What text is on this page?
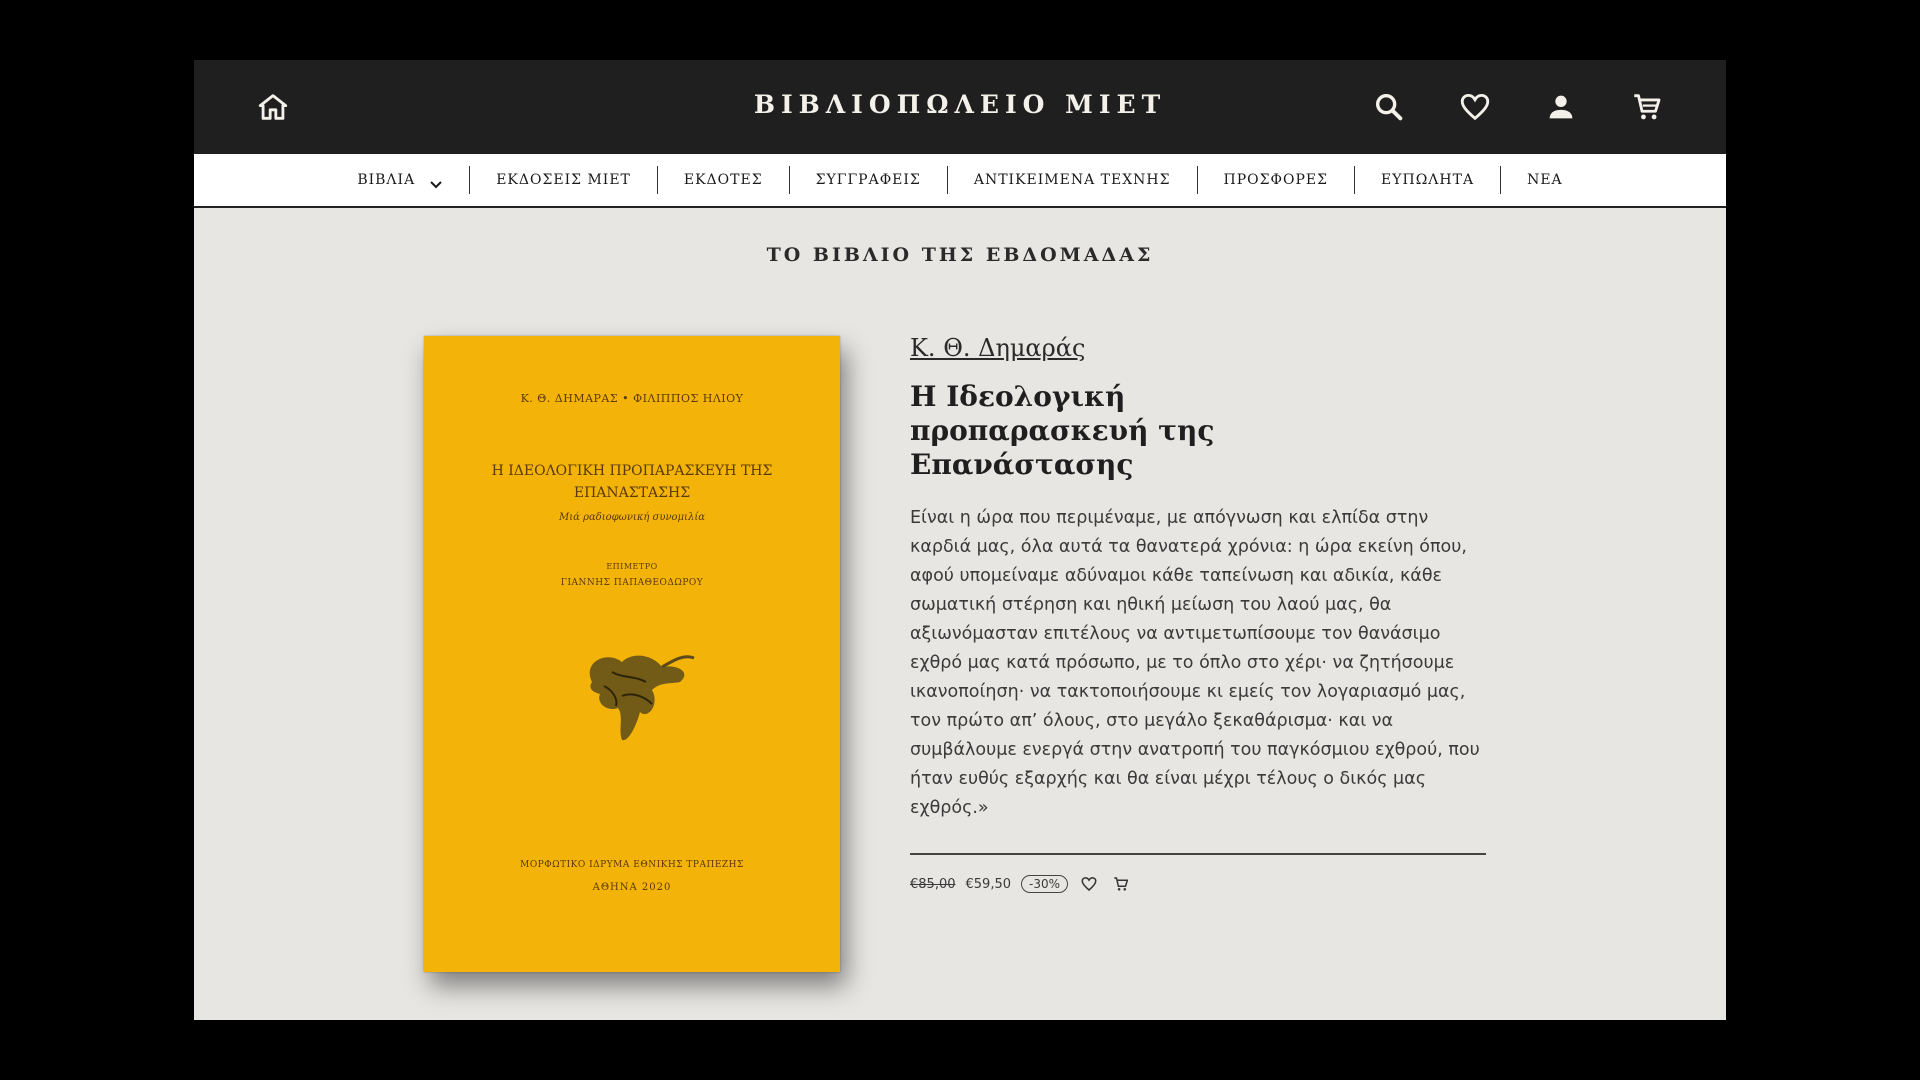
ΒΙΒΛΙΟΠΩΛΕΙΟ ΜΙΕΤ
ΒΙΒΛΙΑ	ΕΚΔΟΣΕΙΣ ΜΙΕΤ	ΕΚΔΟΤΕΣ	ΣΥΓΓΡΑΦΕΙΣ	ΑΝΤΙΚΕΙΜΕΝΑ ΤΕΧΝΗΣ	ΠΡΟΣΦΟΡΕΣ	ΕΥΠΩΛΗΤΑ	ΝΕΑ
ΤΟ ΒΙΒΛΙΟ ΤΗΣ ΕΒΔΟΜΑΔΑΣ
Κ. Θ. ΔΗΜΑΡΑΣ • ΦΙΛΙΠΠΟΣ ΗΛΙΟΥ
Η ΙΔΕΟΛΟΓΙΚΗ ΠΡΟΠΑΡΑΣΚΕΥΗ ΤΗΣ ΕΠΑΝΑΣΤΑΣΗΣ
Μιά ραδιοφωνική συνομιλία
ΕΠΙΜΕΤΡΟ
ΓΙΑΝΝΗΣ ΠΑΠΑΘΕΟΔΩΡΟΥ
ΜΟΡΦΩΤΙΚΟ ΙΔΡΥΜΑ ΕΘΝΙΚΗΣ ΤΡΑΠΕΖΗΣ
ΑΘΗΝΑ 2020
Κ. Θ. Δημαράς
Η Ιδεολογική προπαρασκευή της Επανάστασης
Είναι η ώρα που περιμέναμε, με απόγνωση και ελπίδα στην καρδιά μας, όλα αυτά τα θανατερά χρόνια: η ώρα εκείνη όπου, αφού υπομείναμε αδύναμοι κάθε ταπείνωση και αδικία, κάθε σωματική στέρηση και ηθική μείωση του λαού μας, θα αξιωνόμασταν επιτέλους να αντιμετωπίσουμε τον θανάσιμο εχθρό μας κατά πρόσωπο, με το όπλο στο χέρι· να ζητήσουμε ικανοποίηση· να τακτοποιήσουμε κι εμείς τον λογαριασμό μας, τον πρώτο απ’ όλους, στο μεγάλο ξεκαθάρισμα· και να συμβάλουμε ενεργά στην ανατροπή του παγκόσμιου εχθρού, που ήταν ευθύς εξαρχής και θα είναι μέχρι τέλους ο δικός μας εχθρός.»
€85,00 €59,50	-30%
